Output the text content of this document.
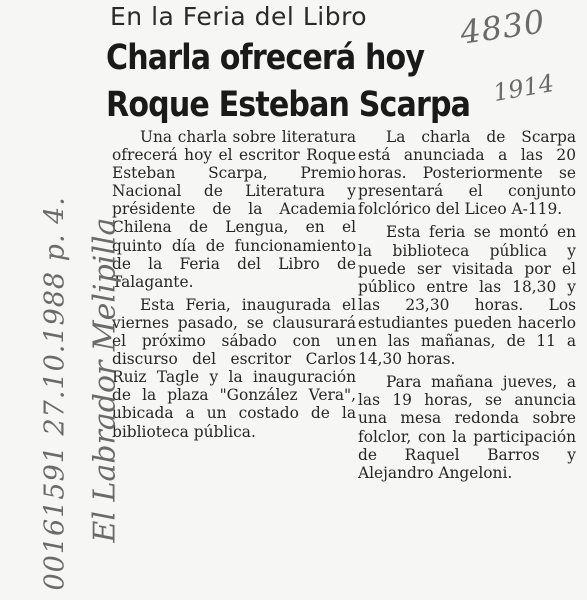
En la Feria del Libro
Charla ofrecerá hoy
Roque Esteban Scarpa

Una charla sobre literatura ofrecerá hoy el escritor Roque Esteban Scarpa, Premio Nacional de Literatura y présidente de la Academia Chilena de Lengua, en el quinto día de funcionamiento de la Feria del Libro de Talagante.

Esta Feria, inaugurada el viernes pasado, se clausurará el próximo sábado con un discurso del escritor Carlos Ruiz Tagle y la inauguración de la plaza "González Vera", ubicada a un costado de la biblioteca pública.

La charla de Scarpa está anunciada a las 20 horas. Posteriormente se presentará el conjunto folclórico del Liceo A-119.

Esta feria se montó en la biblioteca pública y puede ser visitada por el público entre las 18,30 y las 23,30 horas. Los estudiantes pueden hacerlo en las mañanas, de 11 a 14,30 horas.

Para mañana jueves, a las 19 horas, se anuncia una mesa redonda sobre folclor, con la participación de Raquel Barros y Alejandro Angeloni.

4830
1914
00161591 27.10.1988 p. 4. El Labrador Melipilla
